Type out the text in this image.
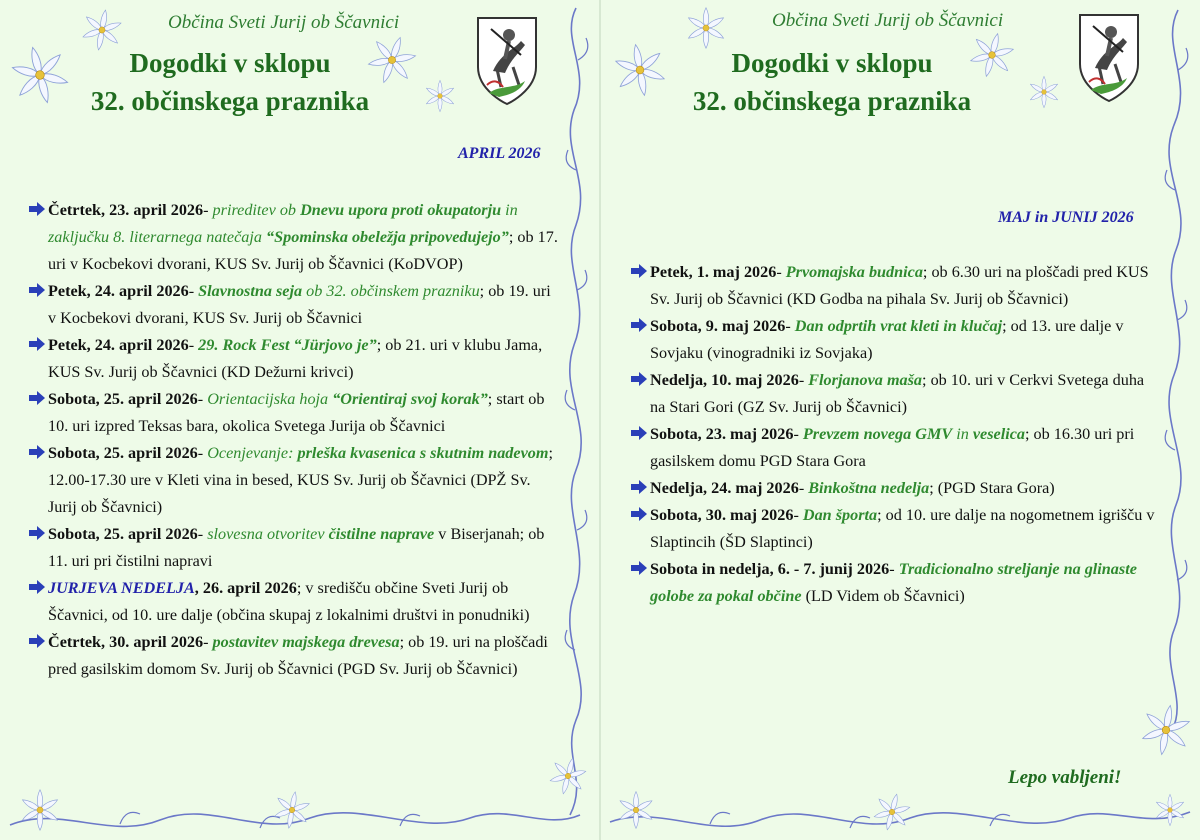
Občina Sveti Jurij ob Ščavnici
Dogodki v sklopu
32. občinskega praznika
APRIL 2026
Četrtek, 23. april 2026- prireditev ob Dnevu upora proti okupatorju in zaključku 8. literarnega natečaja “Spominska obeležja pripovedujejo”; ob 17. uri v Kocbekovi dvorani, KUS Sv. Jurij ob Ščavnici (KoDVOP)
Petek, 24. april 2026- Slavnostna seja ob 32. občinskem prazniku; ob 19. uri v Kocbekovi dvorani, KUS Sv. Jurij ob Ščavnici
Petek, 24. april 2026- 29. Rock Fest “Jürjovo je”; ob 21. uri v klubu Jama, KUS Sv. Jurij ob Ščavnici (KD Dežurni krivci)
Sobota, 25. april 2026- Orientacijska hoja “Orientiraj svoj korak”; start ob 10. uri izpred Teksas bara, okolica Svetega Jurija ob Ščavnici
Sobota, 25. april 2026- Ocenjevanje: prleška kvasenica s skutnim nadevom; 12.00-17.30 ure v Kleti vina in besed, KUS Sv. Jurij ob Ščavnici (DPŽ Sv. Jurij ob Ščavnici)
Sobota, 25. april 2026- slovesna otvoritev čistilne naprave v Biserjanah; ob 11. uri pri čistilni napravi
JURJEVA NEDELJA, 26. april 2026; v središču občine Sveti Jurij ob Ščavnici, od 10. ure dalje (občina skupaj z lokalnimi društvi in ponudniki)
Četrtek, 30. april 2026- postavitev majskega drevesa; ob 19. uri na ploščadi pred gasilskim domom Sv. Jurij ob Ščavnici (PGD Sv. Jurij ob Ščavnici)
Občina Sveti Jurij ob Ščavnici
Dogodki v sklopu
32. občinskega praznika
MAJ in JUNIJ 2026
Petek, 1. maj 2026- Prvomajska budnica; ob 6.30 uri na ploščadi pred KUS Sv. Jurij ob Ščavnici (KD Godba na pihala Sv. Jurij ob Ščavnici)
Sobota, 9. maj 2026- Dan odprtih vrat kleti in klučaj; od 13. ure dalje v Sovjaku (vinogradniki iz Sovjaka)
Nedelja, 10. maj 2026- Florjanova maša; ob 10. uri v Cerkvi Svetega duha na Stari Gori (GZ Sv. Jurij ob Ščavnici)
Sobota, 23. maj 2026- Prevzem novega GMV in veselica; ob 16.30 uri pri gasilskem domu PGD Stara Gora
Nedelja, 24. maj 2026- Binkoštna nedelja; (PGD Stara Gora)
Sobota, 30. maj 2026- Dan športa; od 10. ure dalje na nogometnem igrišču v Slaptincih (ŠD Slaptinci)
Sobota in nedelja, 6. - 7. junij 2026- Tradicionalno streljanje na glinaste golobe za pokal občine (LD Videm ob Ščavnici)
Lepo vabljeni!
